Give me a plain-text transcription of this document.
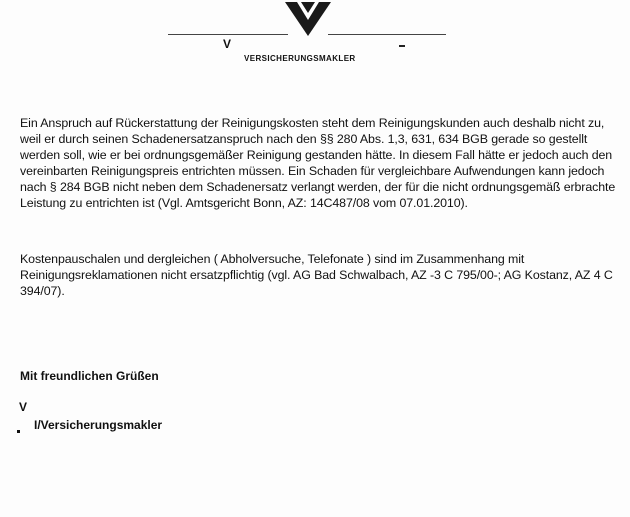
V
VERSICHERUNGSMAKLER

Ein Anspruch auf Rückerstattung der Reinigungskosten steht dem Reinigungskunden auch deshalb nicht zu, weil er durch seinen Schadenersatzanspruch nach den §§ 280 Abs. 1,3, 631, 634 BGB gerade so gestellt werden soll, wie er bei ordnungsgemäßer Reinigung gestanden hätte. In diesem Fall hätte er jedoch auch den vereinbarten Reinigungspreis entrichten müssen. Ein Schaden für vergleichbare Aufwendungen kann jedoch nach § 284 BGB nicht neben dem Schadenersatz verlangt werden, der für die nicht ordnungsgemäß erbrachte Leistung zu entrichten ist (Vgl. Amtsgericht Bonn, AZ: 14C487/08 vom 07.01.2010).

Kostenpauschalen und dergleichen ( Abholversuche, Telefonate ) sind im Zusammenhang mit Reinigungsreklamationen nicht ersatzpflichtig (vgl. AG Bad Schwalbach, AZ -3 C 795/00-; AG Kostanz, AZ 4 C 394/07).

Mit freundlichen Grüßen
V
I/Versicherungsmakler
